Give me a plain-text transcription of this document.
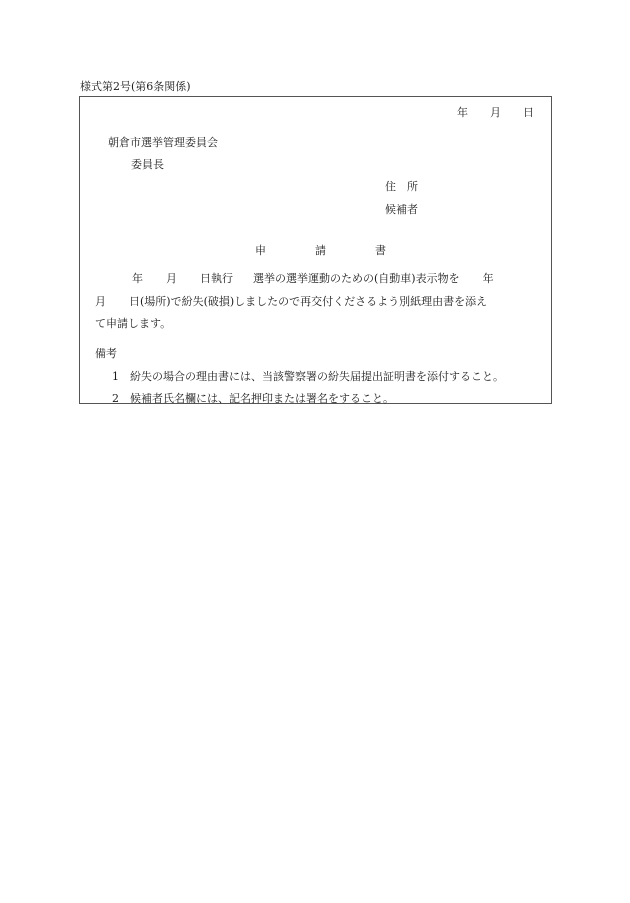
様式第2号(第6条関係)
年 月 日
朝倉市選挙管理委員会
委員長
住 所
候補者
申	請	書
年 月 日執行 選挙の選挙運動のための(自動車)表示物を 年
月 日(場所)で紛失(破損)しましたので再交付くださるよう別紙理由書を添え
て申請します。
備考
1 紛失の場合の理由書には、当該警察署の紛失届提出証明書を添付すること。
2 候補者氏名欄には、記名押印または署名をすること。
